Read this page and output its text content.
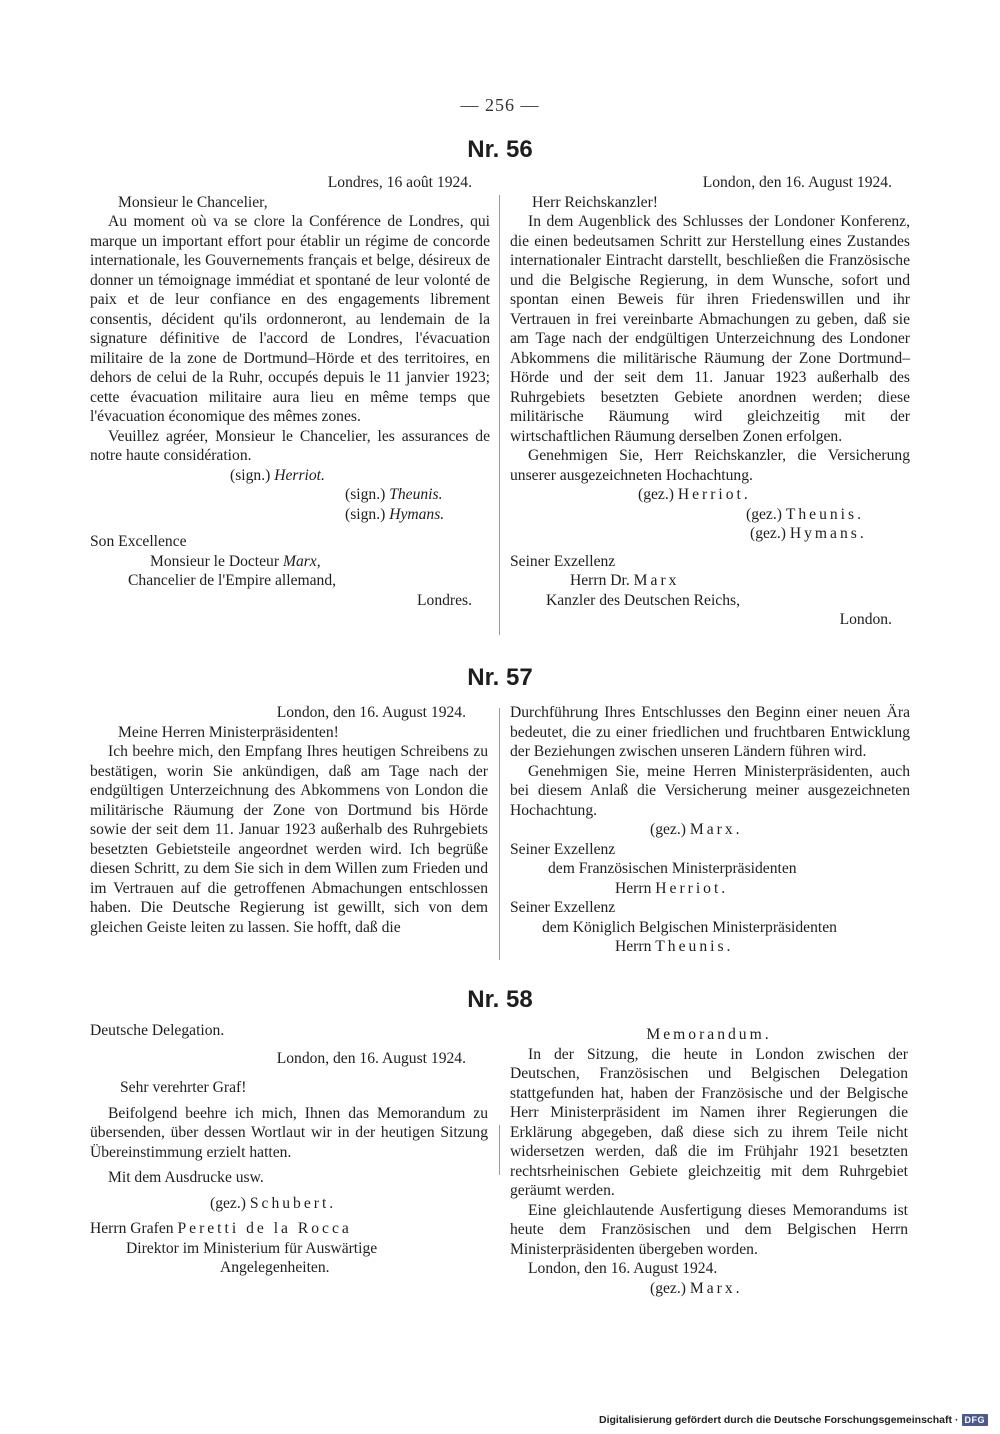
— 256 —
Nr. 56

Londres, 16 août 1924.

Monsieur le Chancelier,

Au moment où va se clore la Conférence de Londres, qui marque un important effort pour établir un régime de concorde internationale, les Gouvernements français et belge, désireux de donner un témoignage immédiat et spontané de leur volonté de paix et de leur confiance en des engagements librement consentis, décident qu'ils ordonneront, au lendemain de la signature définitive de l'accord de Londres, l'évacuation militaire de la zone de Dortmund–Hörde et des territoires, en dehors de celui de la Ruhr, occupés depuis le 11 janvier 1923; cette évacuation militaire aura lieu en même temps que l'évacuation économique des mêmes zones.

Veuillez agréer, Monsieur le Chancelier, les assurances de notre haute considération.

(sign.) Herriot.

(sign.) Theunis.

(sign.) Hymans.

Son Excellence

Monsieur le Docteur Marx,

Chancelier de l'Empire allemand,

Londres.

London, den 16. August 1924.

Herr Reichskanzler!

In dem Augenblick des Schlusses der Londoner Konferenz, die einen bedeutsamen Schritt zur Herstellung eines Zustandes internationaler Eintracht darstellt, beschließen die Französische und die Belgische Regierung, in dem Wunsche, sofort und spontan einen Beweis für ihren Friedenswillen und ihr Vertrauen in frei vereinbarte Abmachungen zu geben, daß sie am Tage nach der endgültigen Unterzeichnung des Londoner Abkommens die militärische Räumung der Zone Dortmund–Hörde und der seit dem 11. Januar 1923 außerhalb des Ruhrgebiets besetzten Gebiete anordnen werden; diese militärische Räumung wird gleichzeitig mit der wirtschaftlichen Räumung derselben Zonen erfolgen.

Genehmigen Sie, Herr Reichskanzler, die Versicherung unserer ausgezeichneten Hochachtung.

(gez.) Herriot.

(gez.) Theunis.

(gez.) Hymans.

Seiner Exzellenz

Herrn Dr. Marx

Kanzler des Deutschen Reichs,

London.

Nr. 57

London, den 16. August 1924.

Meine Herren Ministerpräsidenten!

Ich beehre mich, den Empfang Ihres heutigen Schreibens zu bestätigen, worin Sie ankündigen, daß am Tage nach der endgültigen Unterzeichnung des Abkommens von London die militärische Räumung der Zone von Dortmund bis Hörde sowie der seit dem 11. Januar 1923 außerhalb des Ruhrgebiets besetzten Gebietsteile angeordnet werden wird. Ich begrüße diesen Schritt, zu dem Sie sich in dem Willen zum Frieden und im Vertrauen auf die getroffenen Abmachungen entschlossen haben. Die Deutsche Regierung ist gewillt, sich von dem gleichen Geiste leiten zu lassen. Sie hofft, daß die

Durchführung Ihres Entschlusses den Beginn einer neuen Ära bedeutet, die zu einer friedlichen und fruchtbaren Entwicklung der Beziehungen zwischen unseren Ländern führen wird.

Genehmigen Sie, meine Herren Ministerpräsidenten, auch bei diesem Anlaß die Versicherung meiner ausgezeichneten Hochachtung.

(gez.) Marx.

Seiner Exzellenz

dem Französischen Ministerpräsidenten

Herrn Herriot.

Seiner Exzellenz

dem Königlich Belgischen Ministerpräsidenten

Herrn Theunis.

Nr. 58

Deutsche Delegation.

London, den 16. August 1924.

Sehr verehrter Graf!

Beifolgend beehre ich mich, Ihnen das Memorandum zu übersenden, über dessen Wortlaut wir in der heutigen Sitzung Übereinstimmung erzielt hatten.

Mit dem Ausdrucke usw.

(gez.) Schubert.

Herrn Grafen Peretti de la Rocca

Direktor im Ministerium für Auswärtige

Angelegenheiten.

Memorandum.

In der Sitzung, die heute in London zwischen der Deutschen, Französischen und Belgischen Delegation stattgefunden hat, haben der Französische und der Belgische Herr Ministerpräsident im Namen ihrer Regierungen die Erklärung abgegeben, daß diese sich zu ihrem Teile nicht widersetzen werden, daß die im Frühjahr 1921 besetzten rechtsrheinischen Gebiete gleichzeitig mit dem Ruhrgebiet geräumt werden.

Eine gleichlautende Ausfertigung dieses Memorandums ist heute dem Französischen und dem Belgischen Herrn Ministerpräsidenten übergeben worden.

London, den 16. August 1924.

(gez.) Marx.

Digitalisierung gefördert durch die Deutsche Forschungsgemeinschaft · DFG
